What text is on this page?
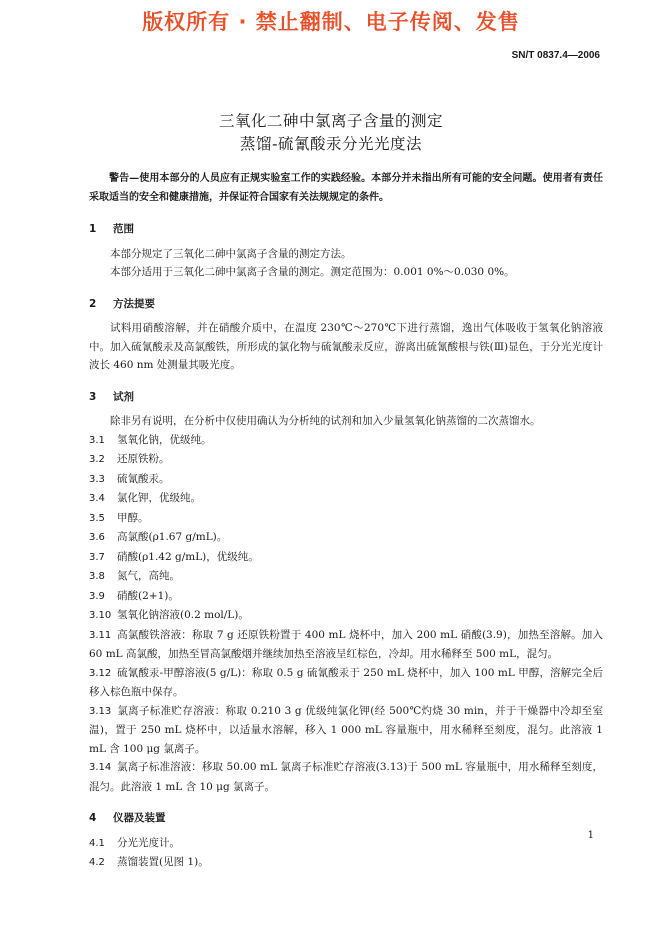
版权所有 · 禁止翻制、电子传阅、发售
SN/T 0837.4—2006
三氧化二砷中氯离子含量的测定
蒸馏-硫氰酸汞分光光度法

警告—使用本部分的人员应有正规实验室工作的实践经验。本部分并未指出所有可能的安全问题。使用者有责任采取适当的安全和健康措施，并保证符合国家有关法规规定的条件。

1 范围

本部分规定了三氧化二砷中氯离子含量的测定方法。

本部分适用于三氧化二砷中氯离子含量的测定。测定范围为：0.001 0%～0.030 0%。

2 方法提要

试料用硝酸溶解，并在硝酸介质中，在温度 230℃～270℃下进行蒸馏，逸出气体吸收于氢氧化钠溶液中。加入硫氰酸汞及高氯酸铁，所形成的氯化物与硫氰酸汞反应，游离出硫氰酸根与铁(Ⅲ)显色，于分光光度计波长 460 nm 处测量其吸光度。

3 试剂

除非另有说明，在分析中仅使用确认为分析纯的试剂和加入少量氢氧化钠蒸馏的二次蒸馏水。

3.1 氢氧化钠，优级纯。

3.2 还原铁粉。

3.3 硫氰酸汞。

3.4 氯化钾，优级纯。

3.5 甲醇。

3.6 高氯酸(ρ1.67 g/mL)。

3.7 硝酸(ρ1.42 g/mL)，优级纯。

3.8 氮气，高纯。

3.9 硝酸(2+1)。

3.10 氢氧化钠溶液(0.2 mol/L)。

3.11 高氯酸铁溶液：称取 7 g 还原铁粉置于 400 mL 烧杯中，加入 200 mL 硝酸(3.9)，加热至溶解。加入 60 mL 高氯酸，加热至冒高氯酸烟并继续加热至溶液呈红棕色，冷却。用水稀释至 500 mL，混匀。

3.12 硫氰酸汞-甲醇溶液(5 g/L)：称取 0.5 g 硫氰酸汞于 250 mL 烧杯中，加入 100 mL 甲醇，溶解完全后移入棕色瓶中保存。

3.13 氯离子标准贮存溶液：称取 0.210 3 g 优级纯氯化钾(经 500℃灼烧 30 min，并于干燥器中冷却至室温)，置于 250 mL 烧杯中，以适量水溶解，移入 1 000 mL 容量瓶中，用水稀释至刻度，混匀。此溶液 1 mL 含 100 μg 氯离子。

3.14 氯离子标准溶液：移取 50.00 mL 氯离子标准贮存溶液(3.13)于 500 mL 容量瓶中，用水稀释至刻度，混匀。此溶液 1 mL 含 10 μg 氯离子。

4 仪器及装置

4.1 分光光度计。

4.2 蒸馏装置(见图 1)。

1
